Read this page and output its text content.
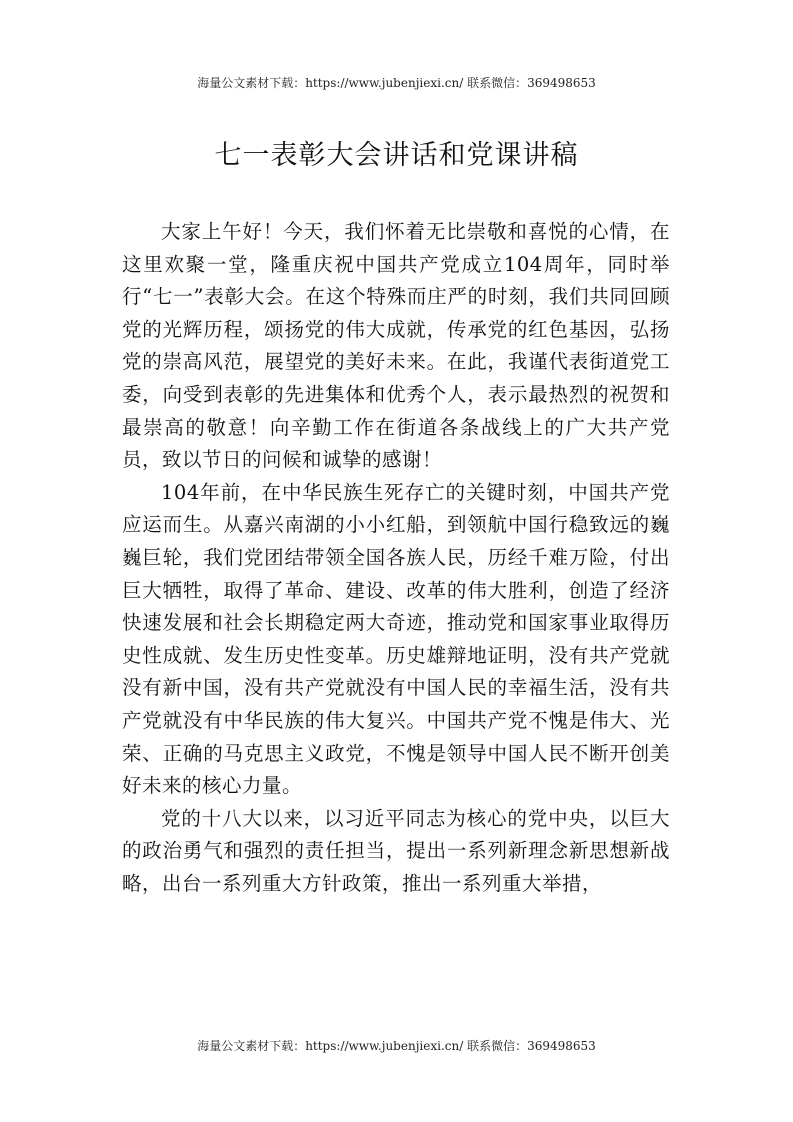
海量公文素材下载：https://www.jubenjiexi.cn/ 联系微信：369498653
七一表彰大会讲话和党课讲稿

大家上午好！今天，我们怀着无比崇敬和喜悦的心情，在这里欢聚一堂，隆重庆祝中国共产党成立104周年，同时举行“七一”表彰大会。在这个特殊而庄严的时刻，我们共同回顾党的光辉历程，颂扬党的伟大成就，传承党的红色基因，弘扬党的崇高风范，展望党的美好未来。在此，我谨代表街道党工委，向受到表彰的先进集体和优秀个人，表示最热烈的祝贺和最崇高的敬意！向辛勤工作在街道各条战线上的广大共产党员，致以节日的问候和诚挚的感谢！

104年前，在中华民族生死存亡的关键时刻，中国共产党应运而生。从嘉兴南湖的小小红船，到领航中国行稳致远的巍巍巨轮，我们党团结带领全国各族人民，历经千难万险，付出巨大牺牲，取得了革命、建设、改革的伟大胜利，创造了经济快速发展和社会长期稳定两大奇迹，推动党和国家事业取得历史性成就、发生历史性变革。历史雄辩地证明，没有共产党就没有新中国，没有共产党就没有中国人民的幸福生活，没有共产党就没有中华民族的伟大复兴。中国共产党不愧是伟大、光荣、正确的马克思主义政党，不愧是领导中国人民不断开创美好未来的核心力量。

党的十八大以来，以习近平同志为核心的党中央，以巨大的政治勇气和强烈的责任担当，提出一系列新理念新思想新战略，出台一系列重大方针政策，推出一系列重大举措，

海量公文素材下载：https://www.jubenjiexi.cn/ 联系微信：369498653
